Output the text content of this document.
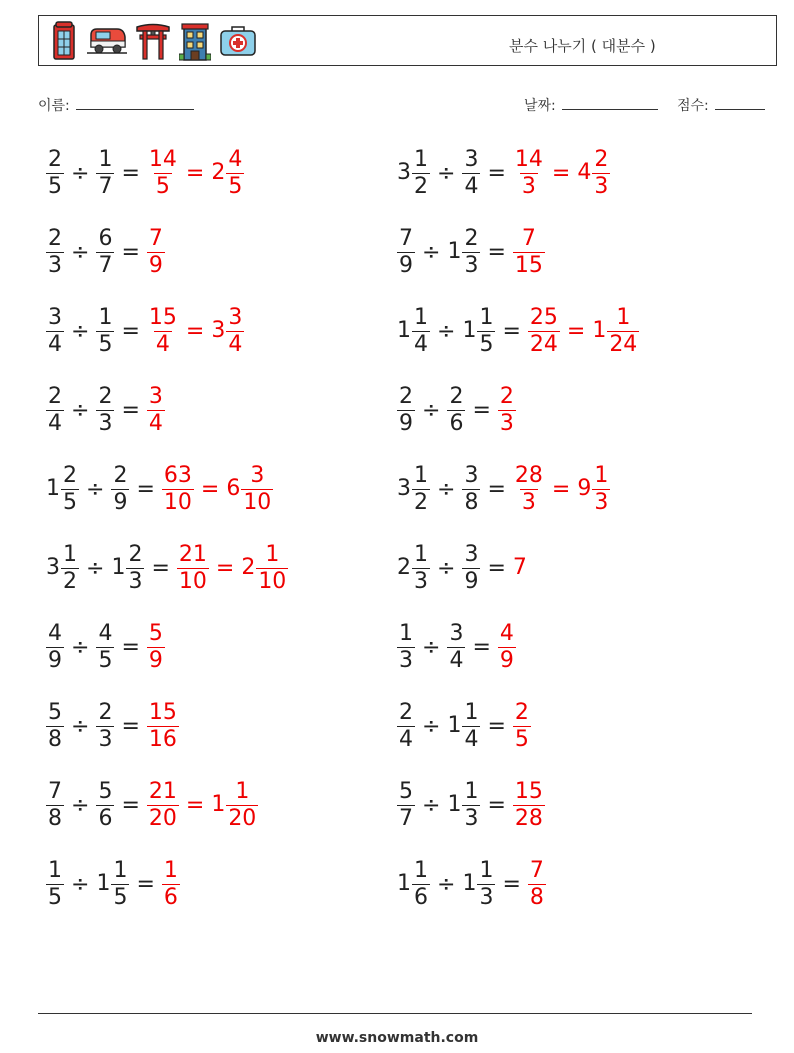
분수 나누기 ( 대분수 )
이름:	날짜:	점수:
$\frac{2}{5} \div \frac{1}{7} = \frac{14}{5} = 2 \frac{4}{5}$	$3 \frac{1}{2} \div \frac{3}{4} = \frac{14}{3} = 4 \frac{2}{3}$
$\frac{2}{3} \div \frac{6}{7} = \frac{7}{9}$	$\frac{7}{9} \div 1 \frac{2}{3} = \frac{7}{15}$
$\frac{3}{4} \div \frac{1}{5} = \frac{15}{4} = 3 \frac{3}{4}$	$1 \frac{1}{4} \div 1 \frac{1}{5} = \frac{25}{24} = 1 \frac{1}{24}$
$\frac{2}{4} \div \frac{2}{3} = \frac{3}{4}$	$\frac{2}{9} \div \frac{2}{6} = \frac{2}{3}$
$1 \frac{2}{5} \div \frac{2}{9} = \frac{63}{10} = 6 \frac{3}{10}$	$3 \frac{1}{2} \div \frac{3}{8} = \frac{28}{3} = 9 \frac{1}{3}$
$3 \frac{1}{2} \div 1 \frac{2}{3} = \frac{21}{10} = 2 \frac{1}{10}$	$2 \frac{1}{3} \div \frac{3}{9} = 7$
$\frac{4}{9} \div \frac{4}{5} = \frac{5}{9}$	$\frac{1}{3} \div \frac{3}{4} = \frac{4}{9}$
$\frac{5}{8} \div \frac{2}{3} = \frac{15}{16}$	$\frac{2}{4} \div 1 \frac{1}{4} = \frac{2}{5}$
$\frac{7}{8} \div \frac{5}{6} = \frac{21}{20} = 1 \frac{1}{20}$	$\frac{5}{7} \div 1 \frac{1}{3} = \frac{15}{28}$
$\frac{1}{5} \div 1 \frac{1}{5} = \frac{1}{6}$	$1 \frac{1}{6} \div 1 \frac{1}{3} = \frac{7}{8}$
www.snowmath.com
